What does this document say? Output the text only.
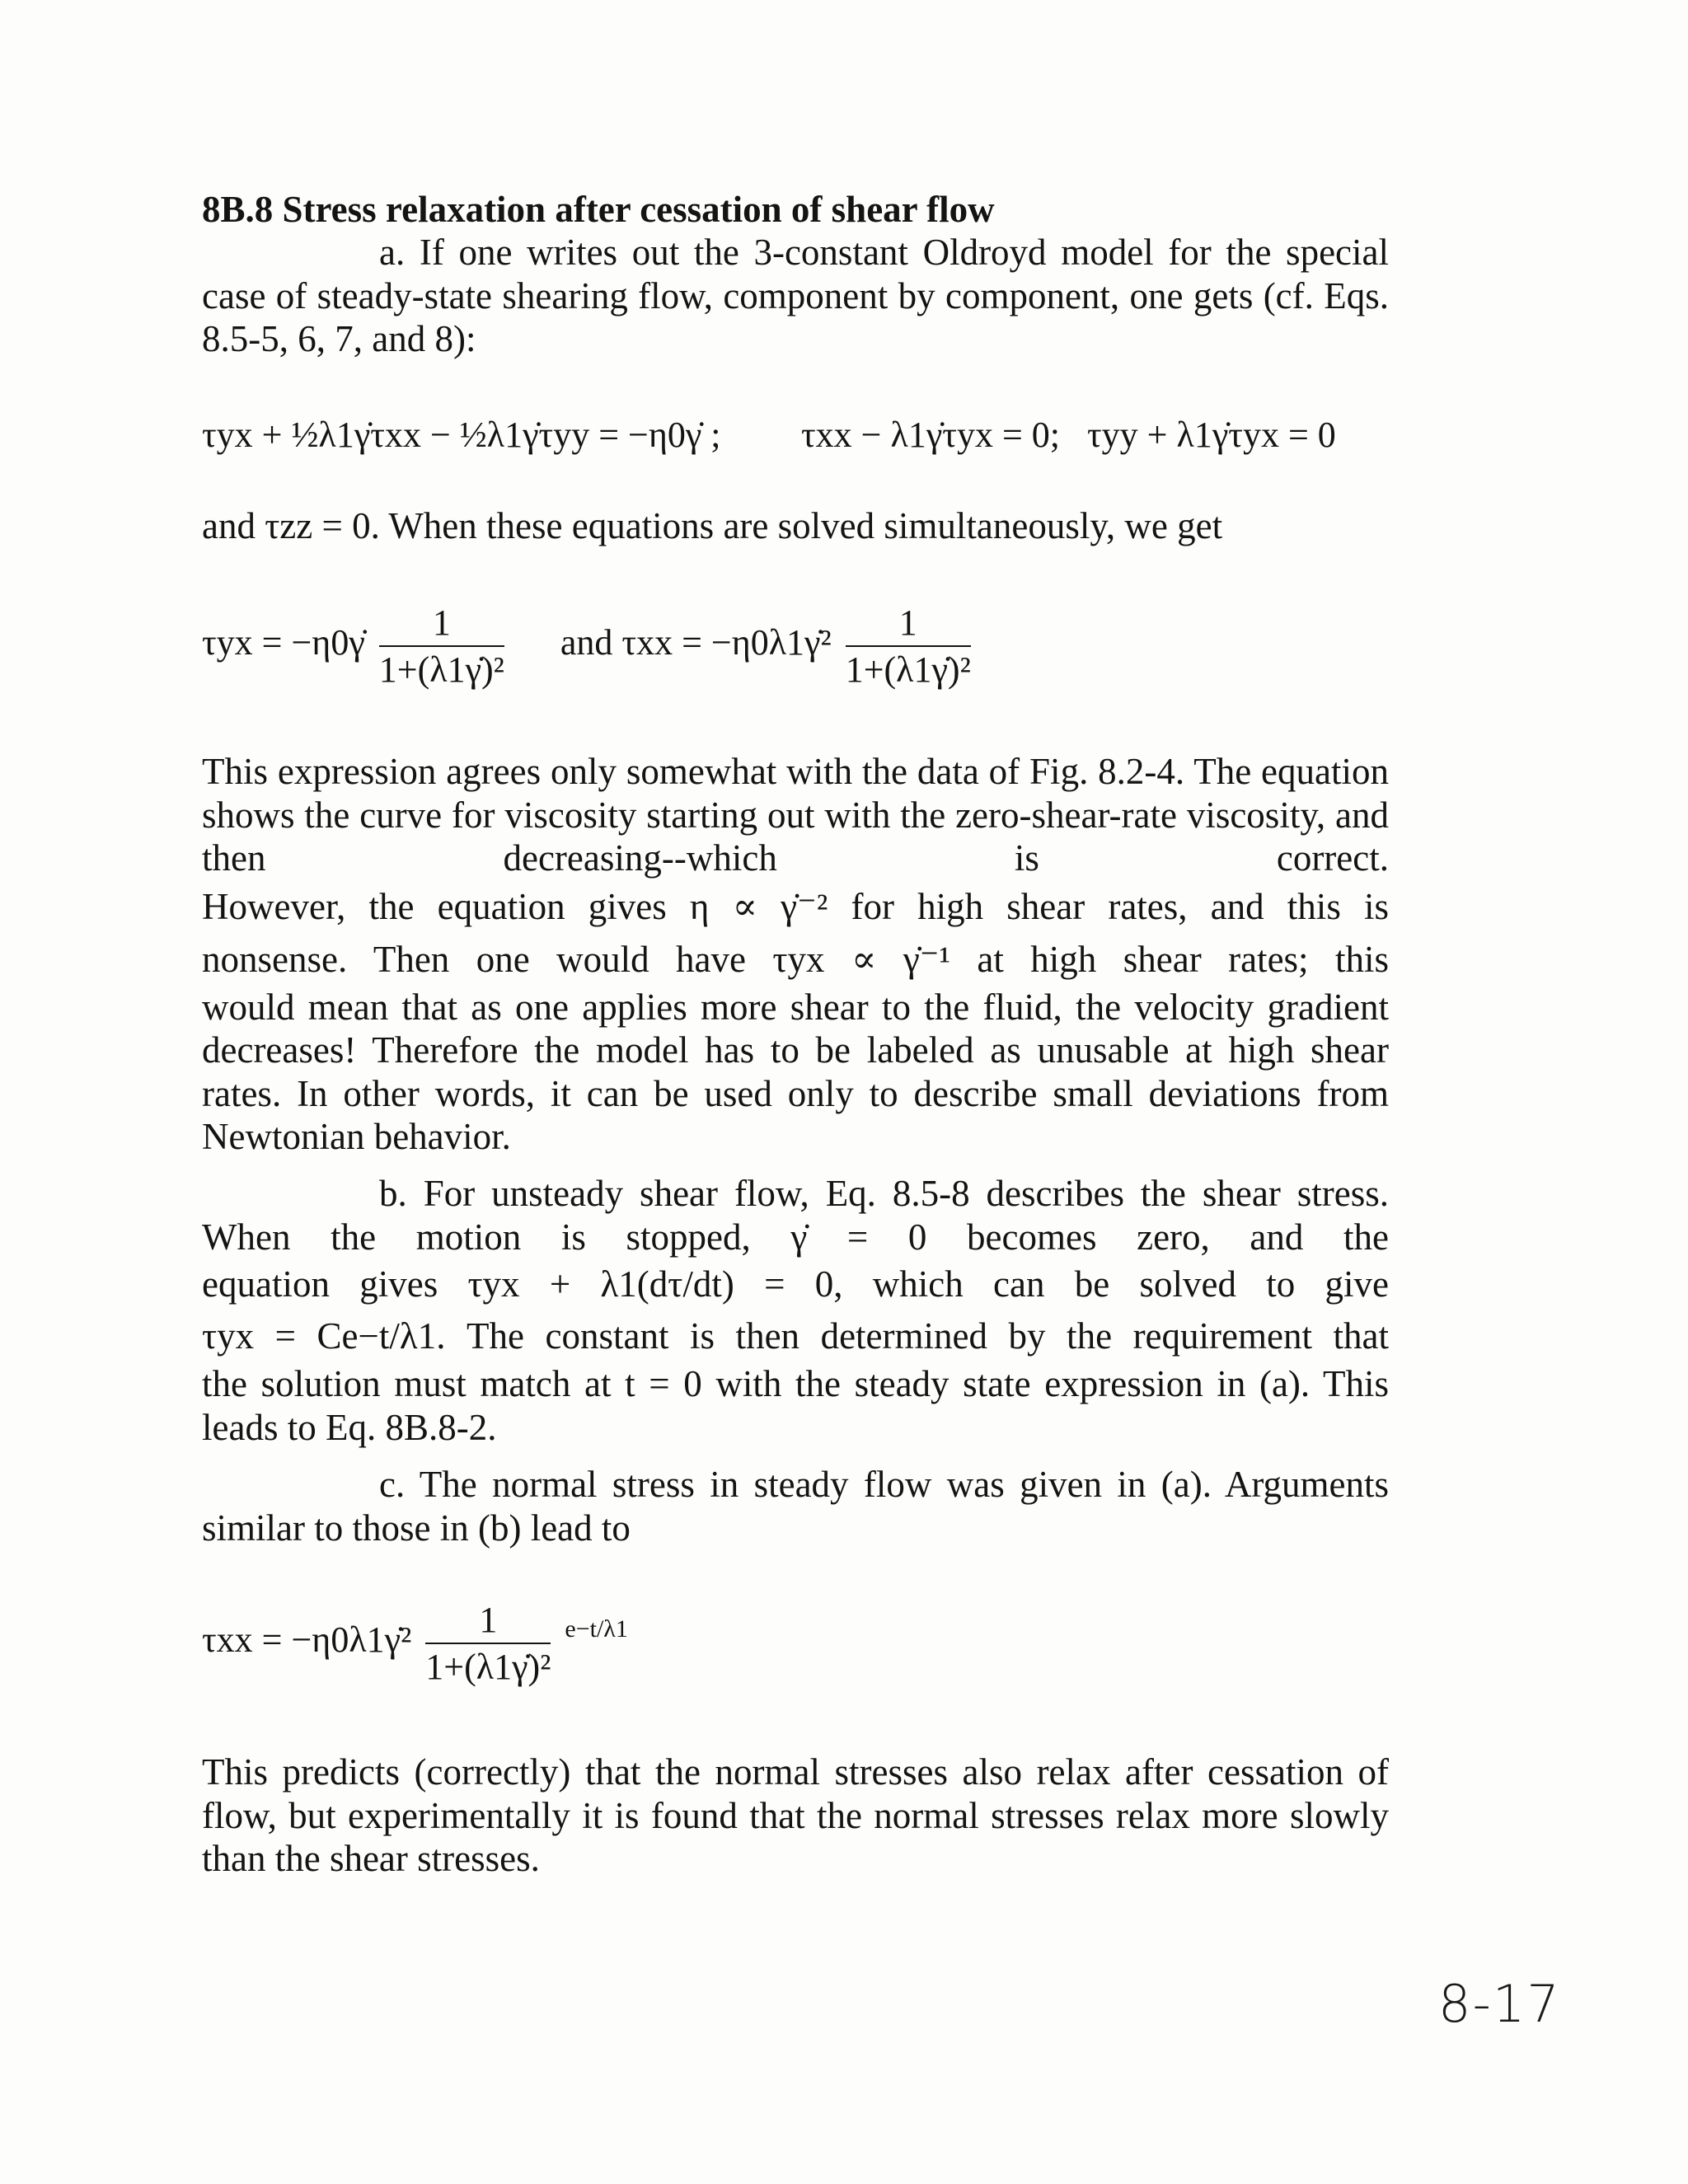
8B.8 Stress relaxation after cessation of shear flow

a. If one writes out the 3-constant Oldroyd model for the special case of steady-state shearing flow, component by component, one gets (cf. Eqs. 8.5-5, 6, 7, and 8):

τyx + ½λ1γ̇τxx − ½λ1γ̇τyy = −η0γ̇ ; τxx − λ1γ̇τyx = 0; τyy + λ1γ̇τyx = 0

and τzz = 0. When these equations are solved simultaneously, we get

τyx = −η0γ̇ $\frac{1}{\text{1+(λ1γ̇)²}}$ and τxx = −η0λ1γ̇² $\frac{1}{\text{1+(λ1γ̇)²}}$

This expression agrees only somewhat with the data of Fig. 8.2-4. The equation shows the curve for viscosity starting out with the zero-shear-rate viscosity, and then decreasing--which is correct.

However, the equation gives η ∝ γ̇⁻² for high shear rates, and this is

nonsense. Then one would have τyx ∝ γ̇⁻¹ at high shear rates; this

would mean that as one applies more shear to the fluid, the velocity gradient decreases! Therefore the model has to be labeled as unusable at high shear rates. In other words, it can be used only to describe small deviations from Newtonian behavior.

b. For unsteady shear flow, Eq. 8.5-8 describes the shear stress. When the motion is stopped, γ̇ = 0 becomes zero, and the

equation gives τyx + λ1(dτ/dt) = 0, which can be solved to give

τyx = Ce−t/λ1. The constant is then determined by the requirement that

the solution must match at t = 0 with the steady state expression in (a). This leads to Eq. 8B.8-2.

c. The normal stress in steady flow was given in (a). Arguments similar to those in (b) lead to

τxx = −η0λ1γ̇² $\frac{1}{\text{1+(λ1γ̇)²}} ^{e-t/\lambda 1}$

This predicts (correctly) that the normal stresses also relax after cessation of flow, but experimentally it is found that the normal stresses relax more slowly than the shear stresses.

8-17
